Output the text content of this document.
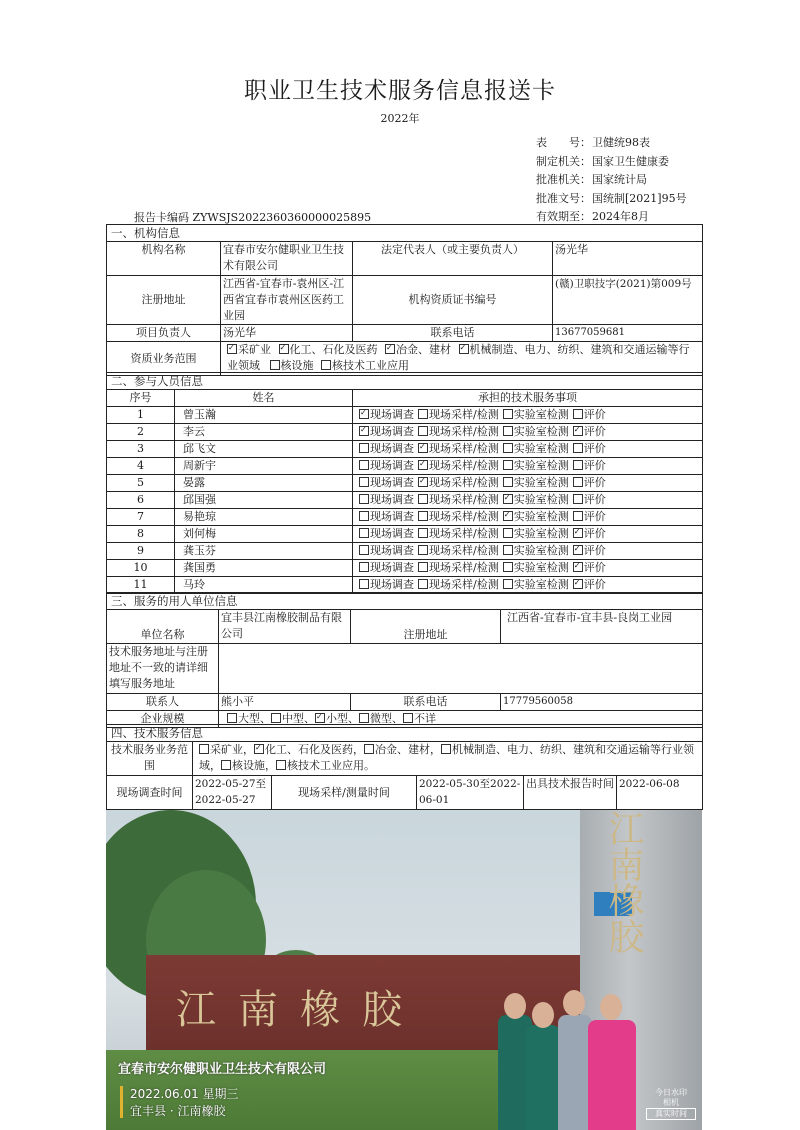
职业卫生技术服务信息报送卡
2022年
表　　号：卫健统98表
制定机关：国家卫生健康委
批准机关：国家统计局
批准文号：国统制[2021]95号
有效期至：2024年8月
报告卡编码 ZYWSJS2022360360000025895
一、机构信息			
机构名称	宜春市安尔健职业卫生技术有限公司	法定代表人（或主要负责人）	汤光华
注册地址	江西省-宜春市-袁州区-江西省宜春市袁州区医药工业园	机构资质证书编号	(赣)卫职技字(2021)第009号
项目负责人	汤光华	联系电话	13677059681
资质业务范围	✓采矿业 ✓ 化工、石化及医药 ✓ 冶金、建材 ✓ 机械制造、电力、纺织、建筑和交通运输等行业领域 核设施 核技术工业应用
二、参与人员信息		
序号	姓名	承担的技术服务事项
1	曾玉瀚	✓现场调查 现场采样/检测 实验室检测 评价
2	李云	✓现场调查 现场采样/检测 实验室检测 ✓ 评价
3	邱飞文	现场调查 ✓ 现场采样/检测 实验室检测 评价
4	周新宇	现场调查 ✓ 现场采样/检测 实验室检测 评价
5	晏露	现场调查 ✓ 现场采样/检测 实验室检测 评价
6	邱国强	现场调查 现场采样/检测 ✓ 实验室检测 评价
7	易艳琼	现场调查 现场采样/检测 ✓ 实验室检测 评价
8	刘何梅	现场调查 现场采样/检测 实验室检测 ✓ 评价
9	龚玉芬	现场调查 现场采样/检测 实验室检测 ✓ 评价
10	龚国勇	现场调查 现场采样/检测 实验室检测 ✓ 评价
11	马玲	现场调查 现场采样/检测 实验室检测 ✓ 评价
三、服务的用人单位信息			
单位名称	宜丰县江南橡胶制品有限公司	注册地址	江西省-宜春市-宜丰县-良岗工业园
技术服务地址与注册地址不一致的请详细填写服务地址			
联系人	熊小平	联系电话	17779560058
企业规模	大型、 中型、 ✓ 小型、 微型、 不详
四、技术服务信息					
技术服务业务范围	采矿业， ✓ 化工、石化及医药， 冶金、建材， 机械制造、电力、纺织、建筑和交通运输等行业领域， 核设施， 核技术工业应用。
现场调查时间	2022-05-27至2022-05-27	现场采样/测量时间	2022-05-30至2022-06-01	出具技术报告时间	2022-06-08
江南橡胶
江南橡胶
宜春市安尔健职业卫生技术有限公司
2022.06.01 星期三
宜丰县 · 江南橡胶
今日水印
相机
真实时间
